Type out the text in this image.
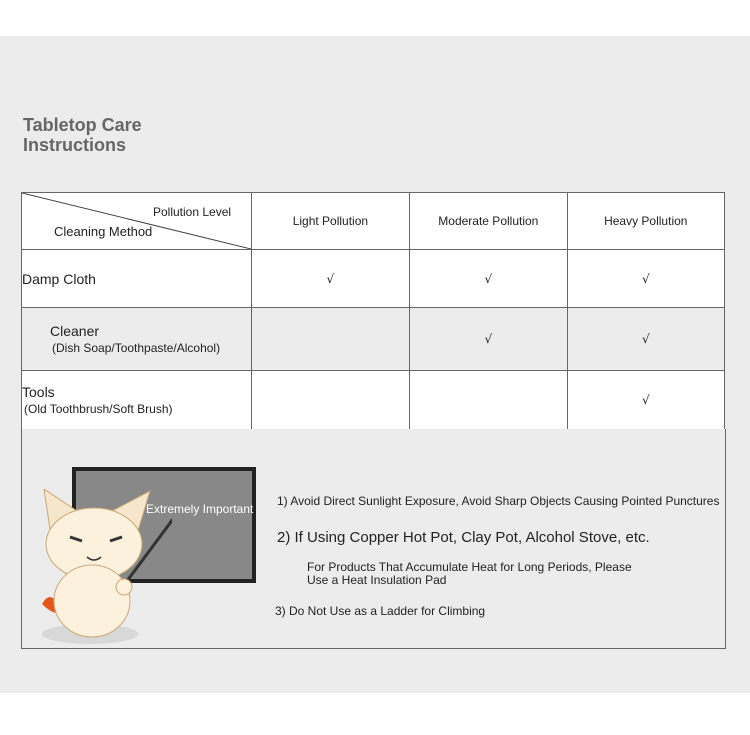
Tabletop Care
Instructions
Pollution Level
Cleaning Method	Light Pollution	Moderate Pollution	Heavy Pollution

Damp Cloth	√	√	√

Cleaner
(Dish Soap/Toothpaste/Alcohol)		√	√

Tools
(Old Toothbrush/Soft Brush)			√
Extremely Important
1) Avoid Direct Sunlight Exposure, Avoid Sharp Objects Causing Pointed Punctures
2) If Using Copper Hot Pot, Clay Pot, Alcohol Stove, etc.
For Products That Accumulate Heat for Long Periods, Please Use a Heat Insulation Pad
3) Do Not Use as a Ladder for Climbing
